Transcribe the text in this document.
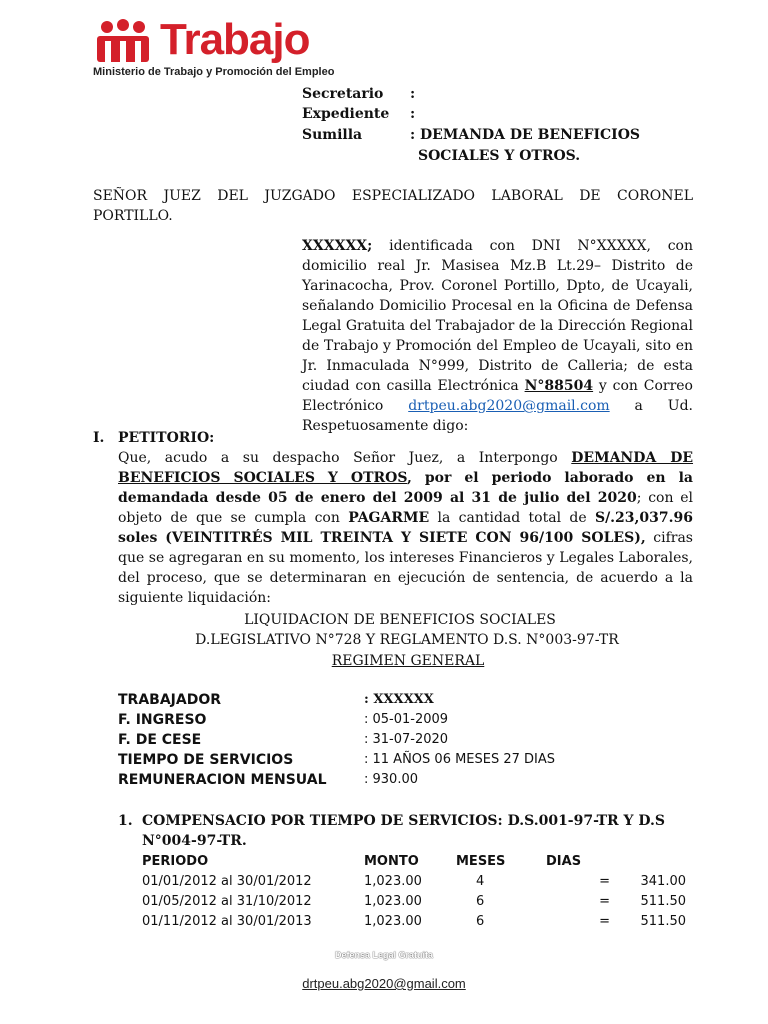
Trabajo
Ministerio de Trabajo y Promoción del Empleo
Secretario :
Expediente :
Sumilla	: DEMANDA DE BENEFICIOS
SOCIALES Y OTROS.
SEÑOR JUEZ DEL JUZGADO ESPECIALIZADO LABORAL DE CORONEL PORTILLO.
XXXXXX; identificada con DNI N°XXXXX, con domicilio real Jr. Masisea Mz.B Lt.29– Distrito de Yarinacocha, Prov. Coronel Portillo, Dpto, de Ucayali, señalando Domicilio Procesal en la Oficina de Defensa Legal Gratuita del Trabajador de la Dirección Regional de Trabajo y Promoción del Empleo de Ucayali, sito en Jr. Inmaculada N°999, Distrito de Calleria; de esta ciudad con casilla Electrónica N°88504 y con Correo Electrónico drtpeu.abg2020@gmail.com a Ud. Respetuosamente digo:
I. PETITORIO:
Que, acudo a su despacho Señor Juez, a Interpongo DEMANDA DE BENEFICIOS SOCIALES Y OTROS, por el periodo laborado en la demandada desde 05 de enero del 2009 al 31 de julio del 2020; con el objeto de que se cumpla con PAGARME la cantidad total de S/.23,037.96 soles (VEINTITRÉS MIL TREINTA Y SIETE CON 96/100 SOLES), cifras que se agregaran en su momento, los intereses Financieros y Legales Laborales, del proceso, que se determinaran en ejecución de sentencia, de acuerdo a la siguiente liquidación:
LIQUIDACION DE BENEFICIOS SOCIALES
D.LEGISLATIVO N°728 Y REGLAMENTO D.S. N°003-97-TR
REGIMEN GENERAL
TRABAJADOR	: XXXXXX
F. INGRESO	: 05-01-2009
F. DE CESE	: 31-07-2020
TIEMPO DE SERVICIOS	: 11 AÑOS 06 MESES 27 DIAS
REMUNERACION MENSUAL	: 930.00
1. COMPENSACIO POR TIEMPO DE SERVICIOS: D.S.001-97-TR Y D.S N°004-97-TR.
PERIODO	MONTO	MESES	DIAS	
01/01/2012 al 30/01/2012	1,023.00	4	=	341.00
01/05/2012 al 31/10/2012	1,023.00	6	=	511.50
01/11/2012 al 30/01/2013	1,023.00	6	=	511.50
Defensa Legal Gratuita
drtpeu.abg2020@gmail.com
